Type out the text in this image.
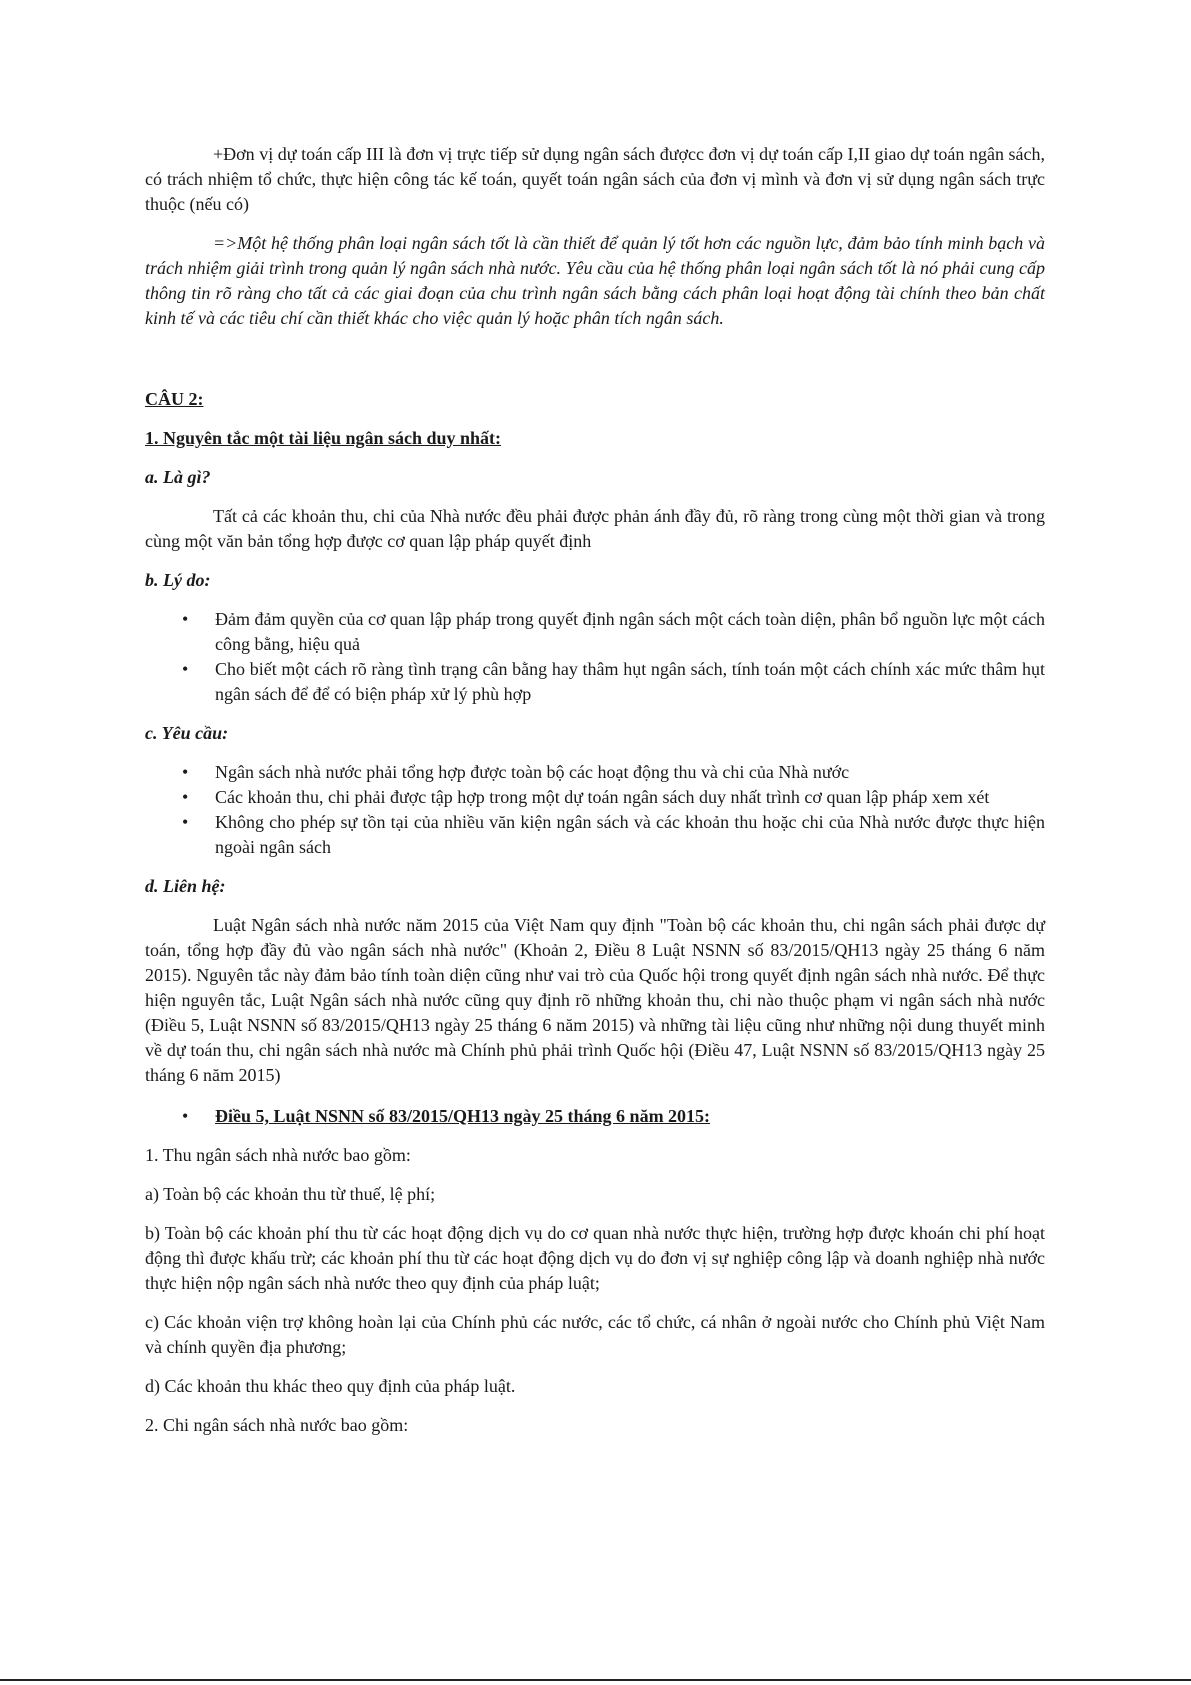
+Đơn vị dự toán cấp III là đơn vị trực tiếp sử dụng ngân sách đượcc đơn vị dự toán cấp I,II giao dự toán ngân sách, có trách nhiệm tổ chức, thực hiện công tác kế toán, quyết toán ngân sách của đơn vị mình và đơn vị sử dụng ngân sách trực thuộc (nếu có)

=>Một hệ thống phân loại ngân sách tốt là cần thiết để quản lý tốt hơn các nguồn lực, đảm bảo tính minh bạch và trách nhiệm giải trình trong quản lý ngân sách nhà nước. Yêu cầu của hệ thống phân loại ngân sách tốt là nó phải cung cấp thông tin rõ ràng cho tất cả các giai đoạn của chu trình ngân sách bằng cách phân loại hoạt động tài chính theo bản chất kinh tế và các tiêu chí cần thiết khác cho việc quản lý hoặc phân tích ngân sách.

CÂU 2:

1. Nguyên tắc một tài liệu ngân sách duy nhất:

a. Là gì?

Tất cả các khoản thu, chi của Nhà nước đều phải được phản ánh đầy đủ, rõ ràng trong cùng một thời gian và trong cùng một văn bản tổng hợp được cơ quan lập pháp quyết định

b. Lý do:

• Đảm đảm quyền của cơ quan lập pháp trong quyết định ngân sách một cách toàn diện, phân bổ nguồn lực một cách công bằng, hiệu quả
• Cho biết một cách rõ ràng tình trạng cân bằng hay thâm hụt ngân sách, tính toán một cách chính xác mức thâm hụt ngân sách để để có biện pháp xử lý phù hợp

c. Yêu cầu:

• Ngân sách nhà nước phải tổng hợp được toàn bộ các hoạt động thu và chi của Nhà nước
• Các khoản thu, chi phải được tập hợp trong một dự toán ngân sách duy nhất trình cơ quan lập pháp xem xét
• Không cho phép sự tồn tại của nhiều văn kiện ngân sách và các khoản thu hoặc chi của Nhà nước được thực hiện ngoài ngân sách

d. Liên hệ:

Luật Ngân sách nhà nước năm 2015 của Việt Nam quy định "Toàn bộ các khoản thu, chi ngân sách phải được dự toán, tổng hợp đầy đủ vào ngân sách nhà nước" (Khoản 2, Điều 8 Luật NSNN số 83/2015/QH13 ngày 25 tháng 6 năm 2015). Nguyên tắc này đảm bảo tính toàn diện cũng như vai trò của Quốc hội trong quyết định ngân sách nhà nước. Để thực hiện nguyên tắc, Luật Ngân sách nhà nước cũng quy định rõ những khoản thu, chi nào thuộc phạm vi ngân sách nhà nước (Điều 5, Luật NSNN số 83/2015/QH13 ngày 25 tháng 6 năm 2015) và những tài liệu cũng như những nội dung thuyết minh về dự toán thu, chi ngân sách nhà nước mà Chính phủ phải trình Quốc hội (Điều 47, Luật NSNN số 83/2015/QH13 ngày 25 tháng 6 năm 2015)

• Điều 5, Luật NSNN số 83/2015/QH13 ngày 25 tháng 6 năm 2015:

1. Thu ngân sách nhà nước bao gồm:

a) Toàn bộ các khoản thu từ thuế, lệ phí;

b) Toàn bộ các khoản phí thu từ các hoạt động dịch vụ do cơ quan nhà nước thực hiện, trường hợp được khoán chi phí hoạt động thì được khấu trừ; các khoản phí thu từ các hoạt động dịch vụ do đơn vị sự nghiệp công lập và doanh nghiệp nhà nước thực hiện nộp ngân sách nhà nước theo quy định của pháp luật;

c) Các khoản viện trợ không hoàn lại của Chính phủ các nước, các tổ chức, cá nhân ở ngoài nước cho Chính phủ Việt Nam và chính quyền địa phương;

d) Các khoản thu khác theo quy định của pháp luật.

2. Chi ngân sách nhà nước bao gồm:
